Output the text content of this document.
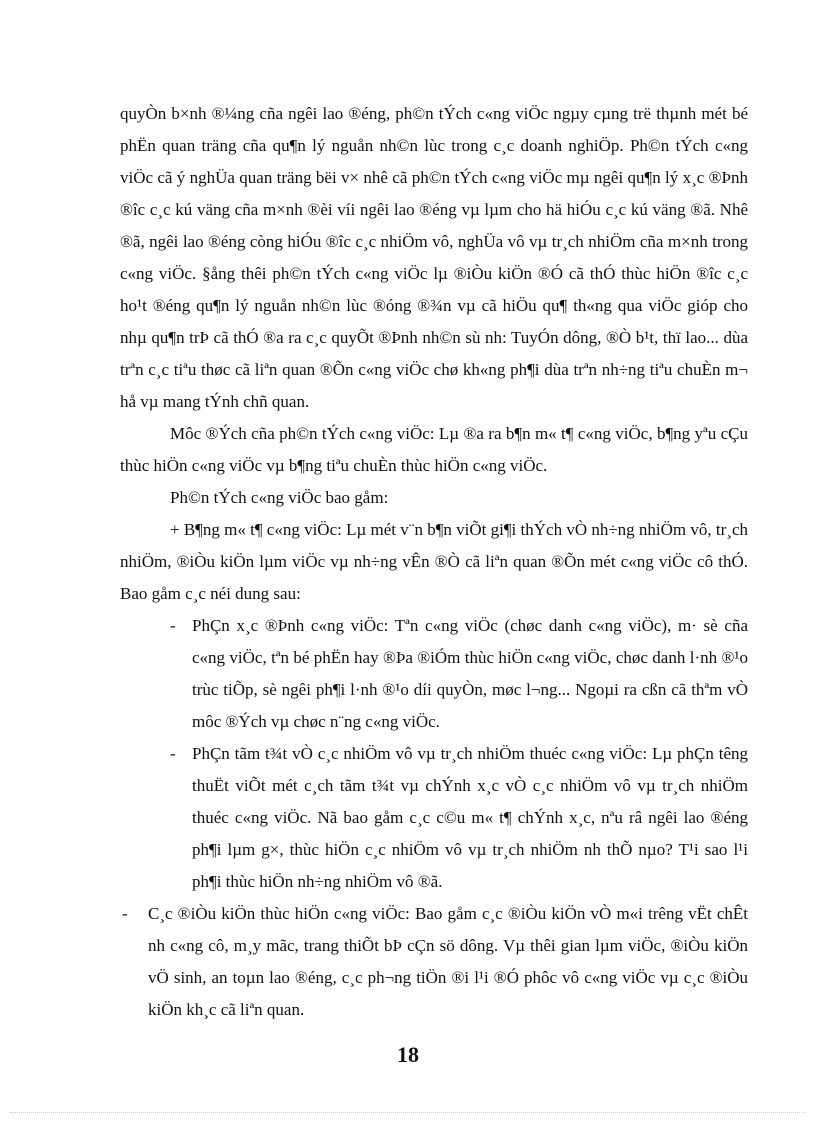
quyÒn b×nh ®¼ng cña ngêi lao ®éng, ph©n tÝch c«ng viÖc ngµy cµng trë thµnh mét bé phËn quan träng cña qu¶n lý nguån nh©n lùc trong c¸c doanh nghiÖp. Ph©n tÝch c«ng viÖc cã ý nghÜa quan träng bëi v× nhê cã ph©n tÝch c«ng viÖc mµ ngêi qu¶n lý x¸c ®Þnh ®îc c¸c kú väng cña m×nh ®èi víi ngêi lao ®éng vµ lµm cho hä hiÓu c¸c kú väng ®ã. Nhê ®ã, ngêi lao ®éng còng hiÓu ®îc c¸c nhiÖm vô, nghÜa vô vµ tr¸ch nhiÖm cña m×nh trong c«ng viÖc. §ång thêi ph©n tÝch c«ng viÖc lµ ®iÒu kiÖn ®Ó cã thÓ thùc hiÖn ®îc c¸c ho¹t ®éng qu¶n lý nguån nh©n lùc ®óng ®¾n vµ cã hiÖu qu¶ th«ng qua viÖc gióp cho nhµ qu¶n trÞ cã thÓ ®a ra c¸c quyÕt ®Þnh nh©n sù nh: TuyÓn dông, ®Ò b¹t, thï lao... dùa trªn c¸c tiªu thøc cã liªn quan ®Õn c«ng viÖc chø kh«ng ph¶i dùa trªn nh÷ng tiªu chuÈn m¬ hå vµ mang tÝnh chñ quan.

Môc ®Ých cña ph©n tÝch c«ng viÖc: Lµ ®a ra b¶n m« t¶ c«ng viÖc, b¶ng yªu cÇu thùc hiÖn c«ng viÖc vµ b¶ng tiªu chuÈn thùc hiÖn c«ng viÖc.

Ph©n tÝch c«ng viÖc bao gåm:

+ B¶ng m« t¶ c«ng viÖc: Lµ mét v¨n b¶n viÕt gi¶i thÝch vÒ nh÷ng nhiÖm vô, tr¸ch nhiÖm, ®iÒu kiÖn lµm viÖc vµ nh÷ng vÊn ®Ò cã liªn quan ®Õn mét c«ng viÖc cô thÓ. Bao gåm c¸c néi dung sau:

- PhÇn x¸c ®Þnh c«ng viÖc: Tªn c«ng viÖc (chøc danh c«ng viÖc), m· sè cña c«ng viÖc, tªn bé phËn hay ®Þa ®iÓm thùc hiÖn c«ng viÖc, chøc danh l·nh ®¹o trùc tiÕp, sè ngêi ph¶i l·nh ®¹o díi quyÒn, møc l¬ng... Ngoµi ra cßn cã thªm vÒ môc ®Ých vµ chøc n¨ng c«ng viÖc.

- PhÇn tãm t¾t vÒ c¸c nhiÖm vô vµ tr¸ch nhiÖm thuéc c«ng viÖc: Lµ phÇn têng thuËt viÕt mét c¸ch tãm t¾t vµ chÝnh x¸c vÒ c¸c nhiÖm vô vµ tr¸ch nhiÖm thuéc c«ng viÖc. Nã bao gåm c¸c c©u m« t¶ chÝnh x¸c, nªu râ ngêi lao ®éng ph¶i lµm g×, thùc hiÖn c¸c nhiÖm vô vµ tr¸ch nhiÖm nh thÕ nµo? T¹i sao l¹i ph¶i thùc hiÖn nh÷ng nhiÖm vô ®ã.

- C¸c ®iÒu kiÖn thùc hiÖn c«ng viÖc: Bao gåm c¸c ®iÒu kiÖn vÒ m«i trêng vËt chÊt nh c«ng cô, m¸y mãc, trang thiÕt bÞ cÇn sö dông. Vµ thêi gian lµm viÖc, ®iÒu kiÖn vÖ sinh, an toµn lao ®éng, c¸c ph¬ng tiÖn ®i l¹i ®Ó phôc vô c«ng viÖc vµ c¸c ®iÒu kiÖn kh¸c cã liªn quan.

18
